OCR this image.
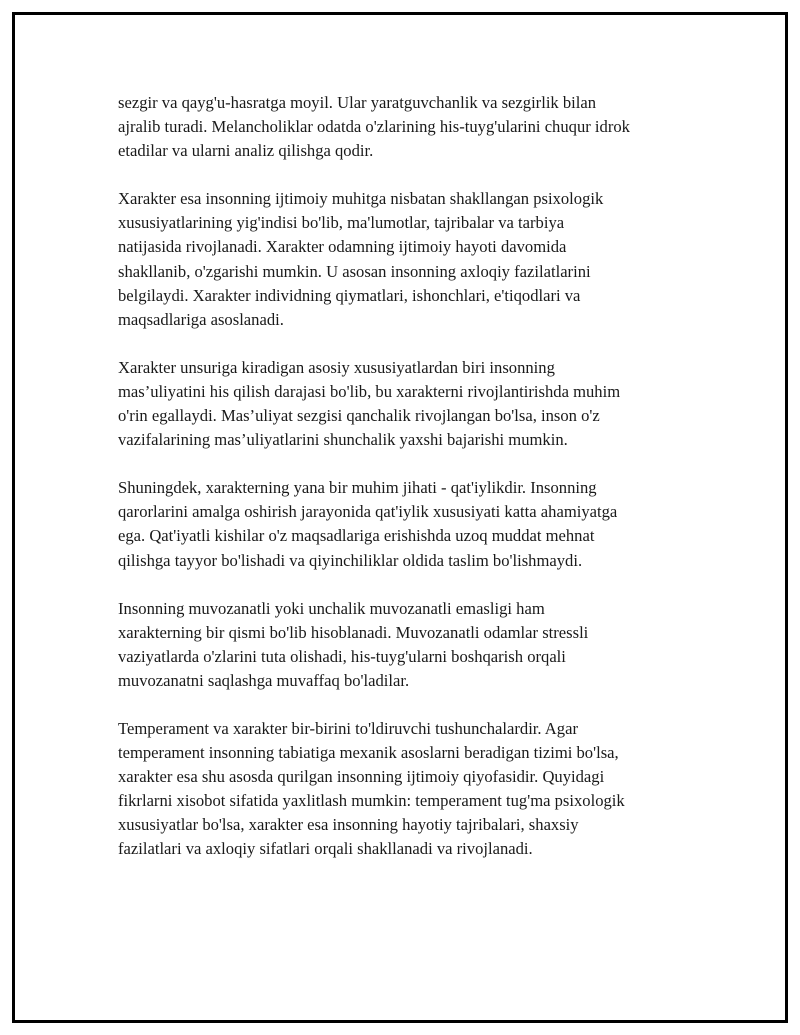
sezgir va qayg'u-hasratga moyil. Ular yaratguvchanlik va sezgirlik bilan
ajralib turadi. Melancholiklar odatda o'zlarining his-tuyg'ularini chuqur idrok
etadilar va ularni analiz qilishga qodir.

Xarakter esa insonning ijtimoiy muhitga nisbatan shakllangan psixologik
xususiyatlarining yig'indisi bo'lib, ma'lumotlar, tajribalar va tarbiya
natijasida rivojlanadi. Xarakter odamning ijtimoiy hayoti davomida
shakllanib, o'zgarishi mumkin. U asosan insonning axloqiy fazilatlarini
belgilaydi. Xarakter individning qiymatlari, ishonchlari, e'tiqodlari va
maqsadlariga asoslanadi.

Xarakter unsuriga kiradigan asosiy xususiyatlardan biri insonning
mas’uliyatini his qilish darajasi bo'lib, bu xarakterni rivojlantirishda muhim
o'rin egallaydi. Mas’uliyat sezgisi qanchalik rivojlangan bo'lsa, inson o'z
vazifalarining mas’uliyatlarini shunchalik yaxshi bajarishi mumkin.

Shuningdek, xarakterning yana bir muhim jihati - qat'iylikdir. Insonning
qarorlarini amalga oshirish jarayonida qat'iylik xususiyati katta ahamiyatga
ega. Qat'iyatli kishilar o'z maqsadlariga erishishda uzoq muddat mehnat
qilishga tayyor bo'lishadi va qiyinchiliklar oldida taslim bo'lishmaydi.

Insonning muvozanatli yoki unchalik muvozanatli emasligi ham
xarakterning bir qismi bo'lib hisoblanadi. Muvozanatli odamlar stressli
vaziyatlarda o'zlarini tuta olishadi, his-tuyg'ularni boshqarish orqali
muvozanatni saqlashga muvaffaq bo'ladilar.

Temperament va xarakter bir-birini to'ldiruvchi tushunchalardir. Agar
temperament insonning tabiatiga mexanik asoslarni beradigan tizimi bo'lsa,
xarakter esa shu asosda qurilgan insonning ijtimoiy qiyofasidir. Quyidagi
fikrlarni xisobot sifatida yaxlitlash mumkin: temperament tug'ma psixologik
xususiyatlar bo'lsa, xarakter esa insonning hayotiy tajribalari, shaxsiy
fazilatlari va axloqiy sifatlari orqali shakllanadi va rivojlanadi.
